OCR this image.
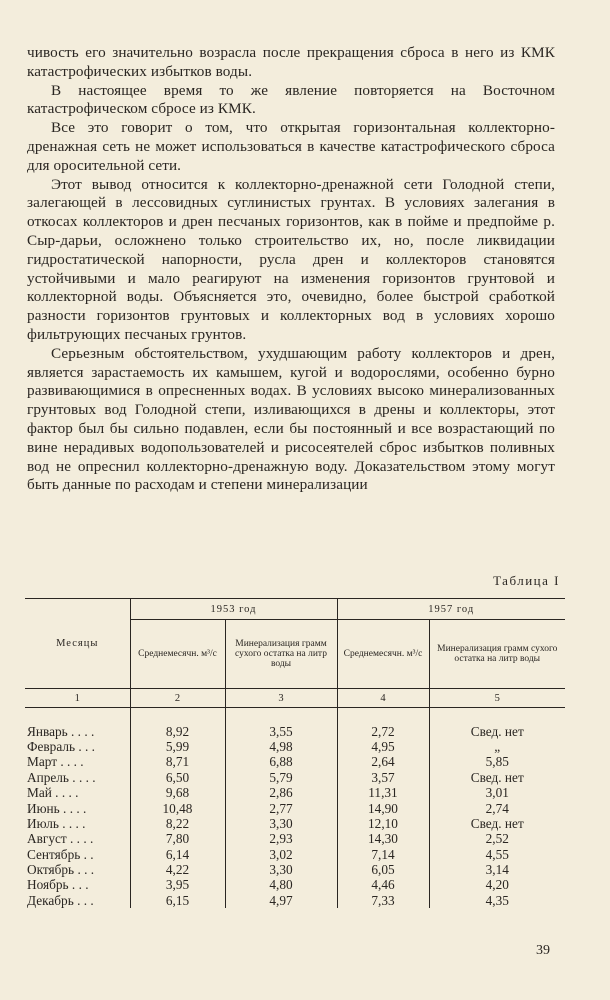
чивость его значительно возрасла после прекращения сброса в него из КМК катастрофических избытков воды.

В настоящее время то же явление повторяется на Восточном катастрофическом сбросе из КМК.

Все это говорит о том, что открытая горизонтальная коллекторно-дренажная сеть не может использоваться в качестве катастрофического сброса для оросительной сети.

Этот вывод относится к коллекторно-дренажной сети Голодной степи, залегающей в лессовидных суглинистых грунтах. В условиях залегания в откосах коллекторов и дрен песчаных горизонтов, как в пойме и предпойме р. Сыр-дарьи, осложнено только строительство их, но, после ликвидации гидростатической напорности, русла дрен и коллекторов становятся устойчивыми и мало реагируют на изменения горизонтов грунтовой и коллекторной воды. Объясняется это, очевидно, более быстрой сработкой разности горизонтов грунтовых и коллекторных вод в условиях хорошо фильтрующих песчаных грунтов.

Серьезным обстоятельством, ухудшающим работу коллекторов и дрен, является зарастаемость их камышем, кугой и водорослями, особенно бурно развивающимися в опресненных водах. В условиях высоко минерализованных грунтовых вод Голодной степи, изливающихся в дрены и коллекторы, этот фактор был бы сильно подавлен, если бы постоянный и все возрастающий по вине нерадивых водопользователей и рисосеятелей сброс избытков поливных вод не опреснил коллекторно-дренажную воду. Доказательством этому могут быть данные по расходам и степени минерализации

Таблица I
Месяцы	1953 год		1957 год	
	Среднемесячн. м³/с	Минерализация грамм сухого остатка на литр воды	Среднемесячн. м³/с	Минерализация грамм сухого остатка на литр воды
1	2	3	4	5

Январь . . . .	8,92	3,55	2,72	Свед. нет
Февраль . . .	5,99	4,98	4,95	„
Март . . . .	8,71	6,88	2,64	5,85
Апрель . . . .	6,50	5,79	3,57	Свед. нет
Май . . . .	9,68	2,86	11,31	3,01
Июнь . . . .	10,48	2,77	14,90	2,74
Июль . . . .	8,22	3,30	12,10	Свед. нет
Август . . . .	7,80	2,93	14,30	2,52
Сентябрь . .	6,14	3,02	7,14	4,55
Октябрь . . .	4,22	3,30	6,05	3,14
Ноябрь . . .	3,95	4,80	4,46	4,20
Декабрь . . .	6,15	4,97	7,33	4,35
39
